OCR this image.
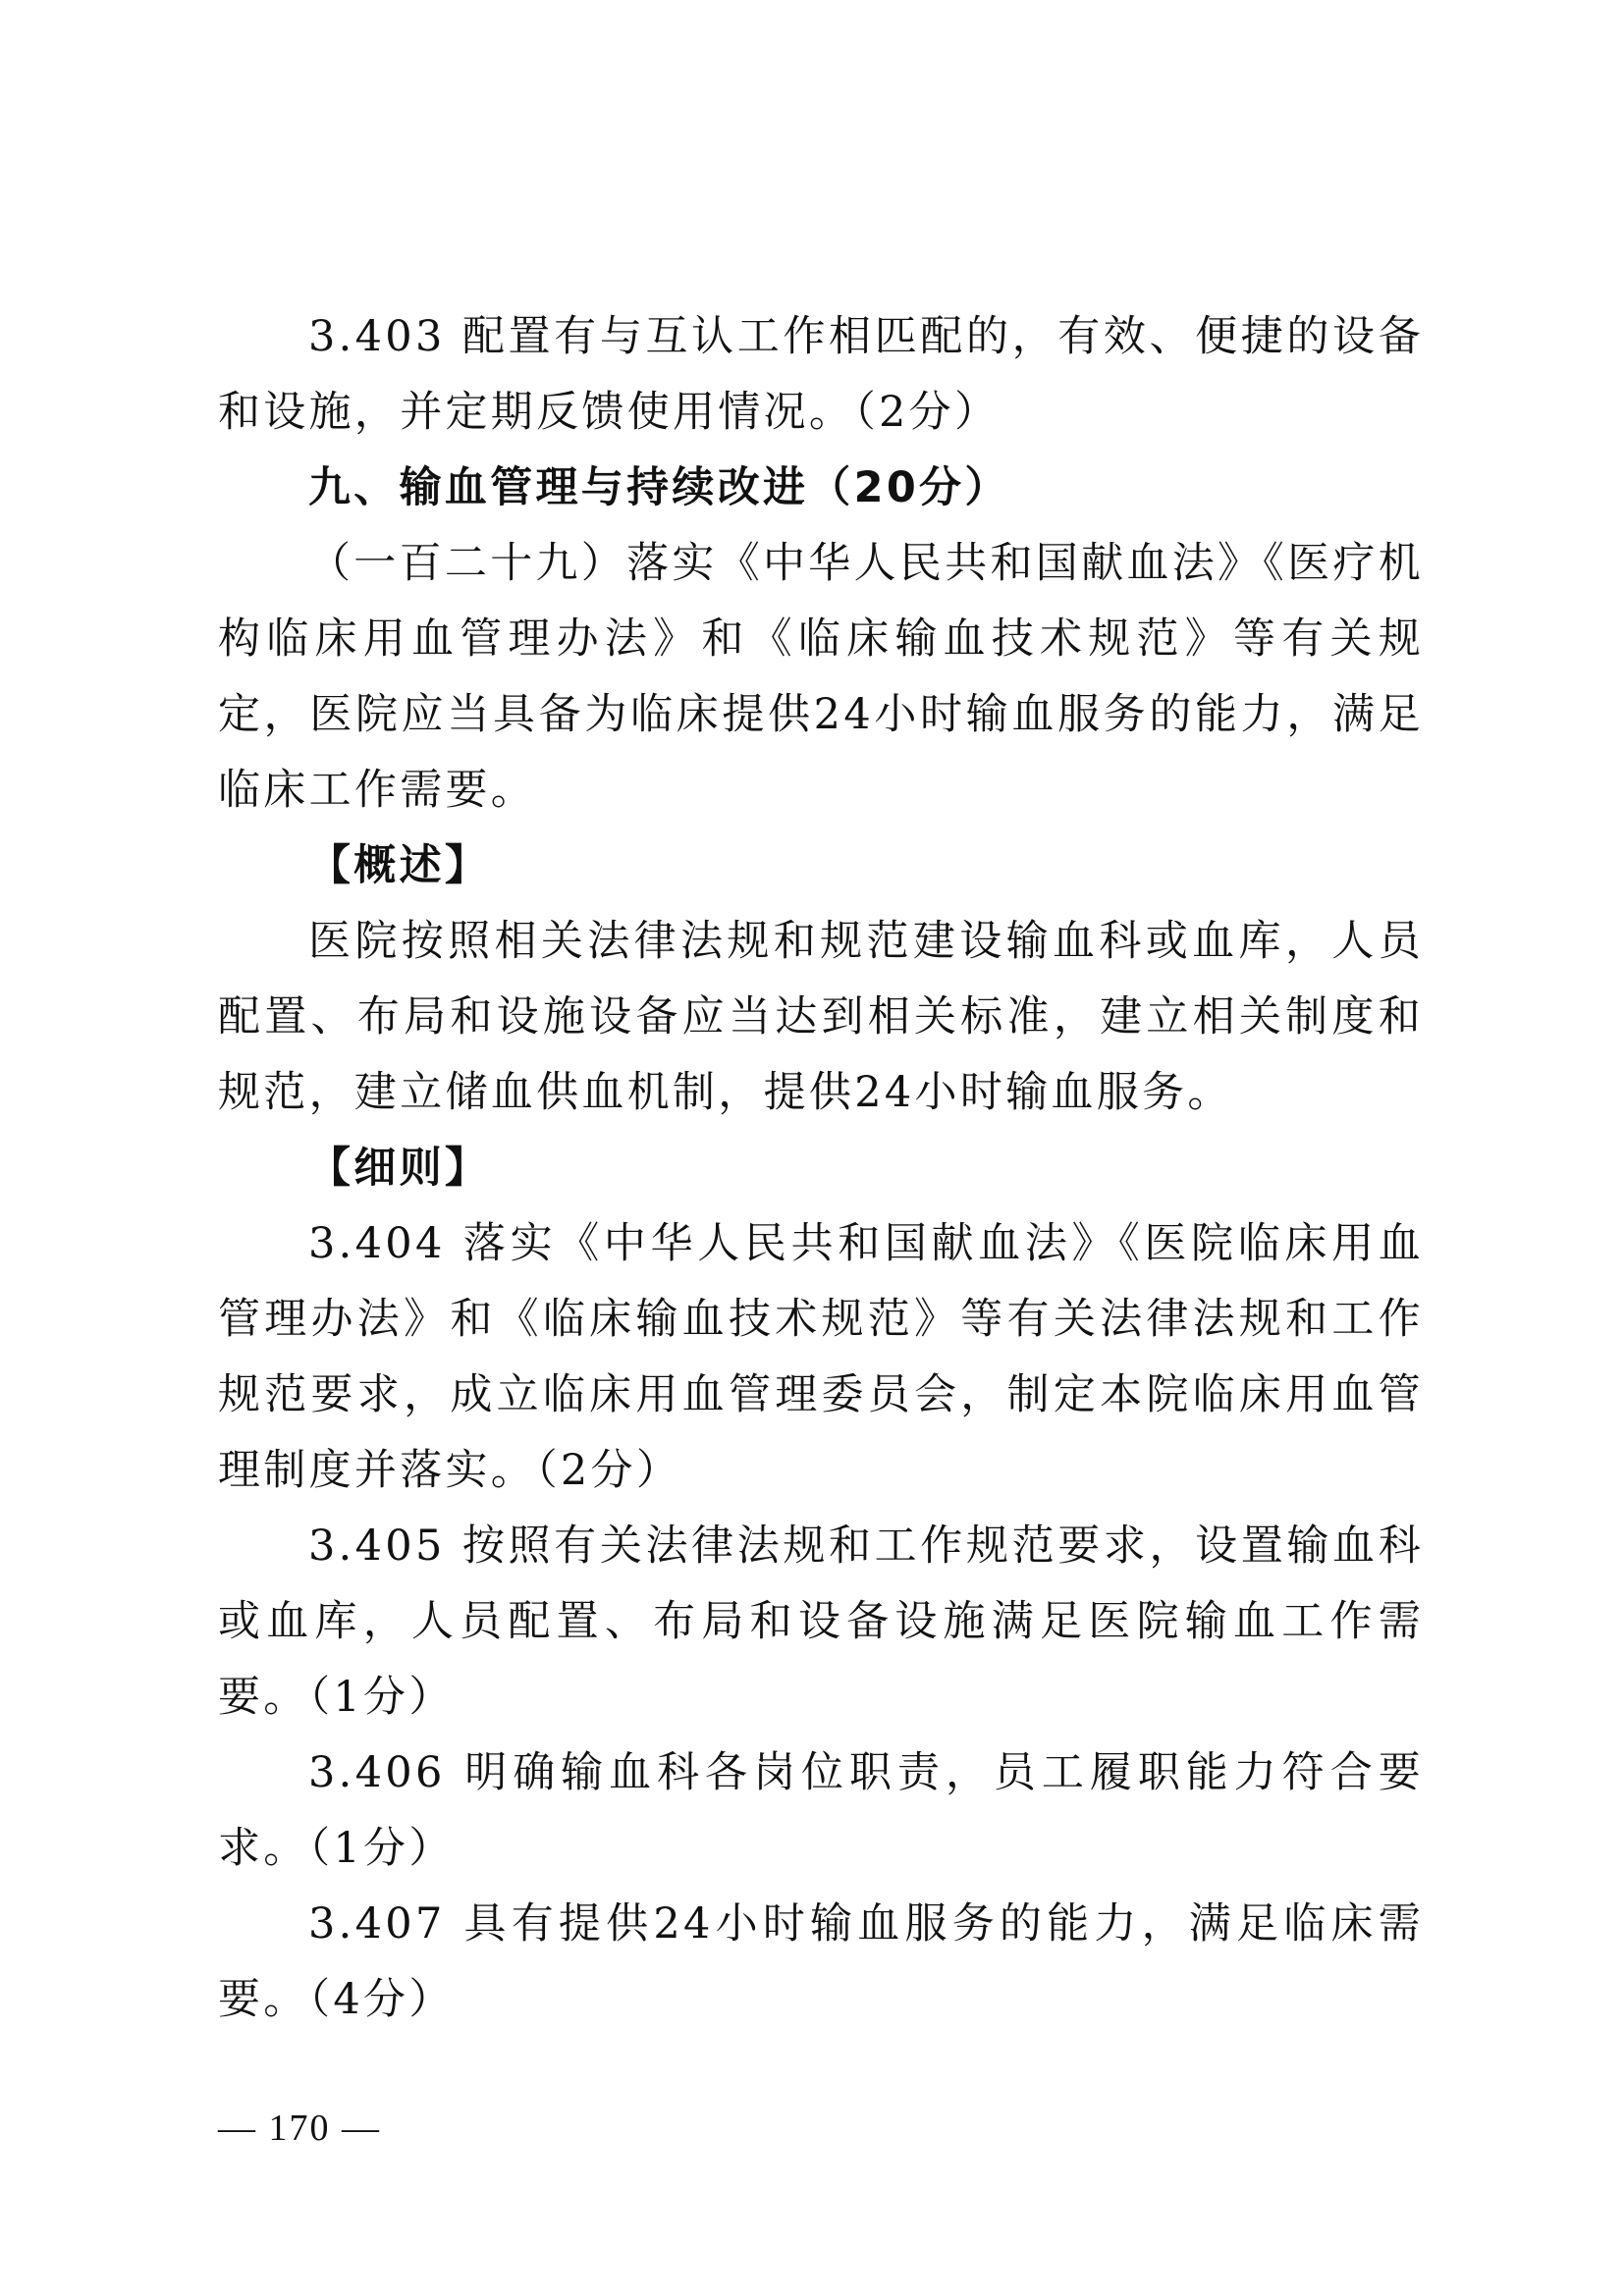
3.403 配置有与互认工作相匹配的，有效、便捷的设备和设施，并定期反馈使用情况。（2分）

九、输血管理与持续改进（20分）

（一百二十九）落实《中华人民共和国献血法》《医疗机构临床用血管理办法》和《临床输血技术规范》等有关规定，医院应当具备为临床提供24小时输血服务的能力，满足临床工作需要。

【概述】

医院按照相关法律法规和规范建设输血科或血库，人员配置、布局和设施设备应当达到相关标准，建立相关制度和规范，建立储血供血机制，提供24小时输血服务。

【细则】

3.404 落实《中华人民共和国献血法》《医院临床用血管理办法》和《临床输血技术规范》等有关法律法规和工作规范要求，成立临床用血管理委员会，制定本院临床用血管理制度并落实。（2分）

3.405 按照有关法律法规和工作规范要求，设置输血科或血库，人员配置、布局和设备设施满足医院输血工作需要。（1分）

3.406 明确输血科各岗位职责，员工履职能力符合要求。（1分）

3.407 具有提供24小时输血服务的能力，满足临床需要。（4分）

— 170 —
